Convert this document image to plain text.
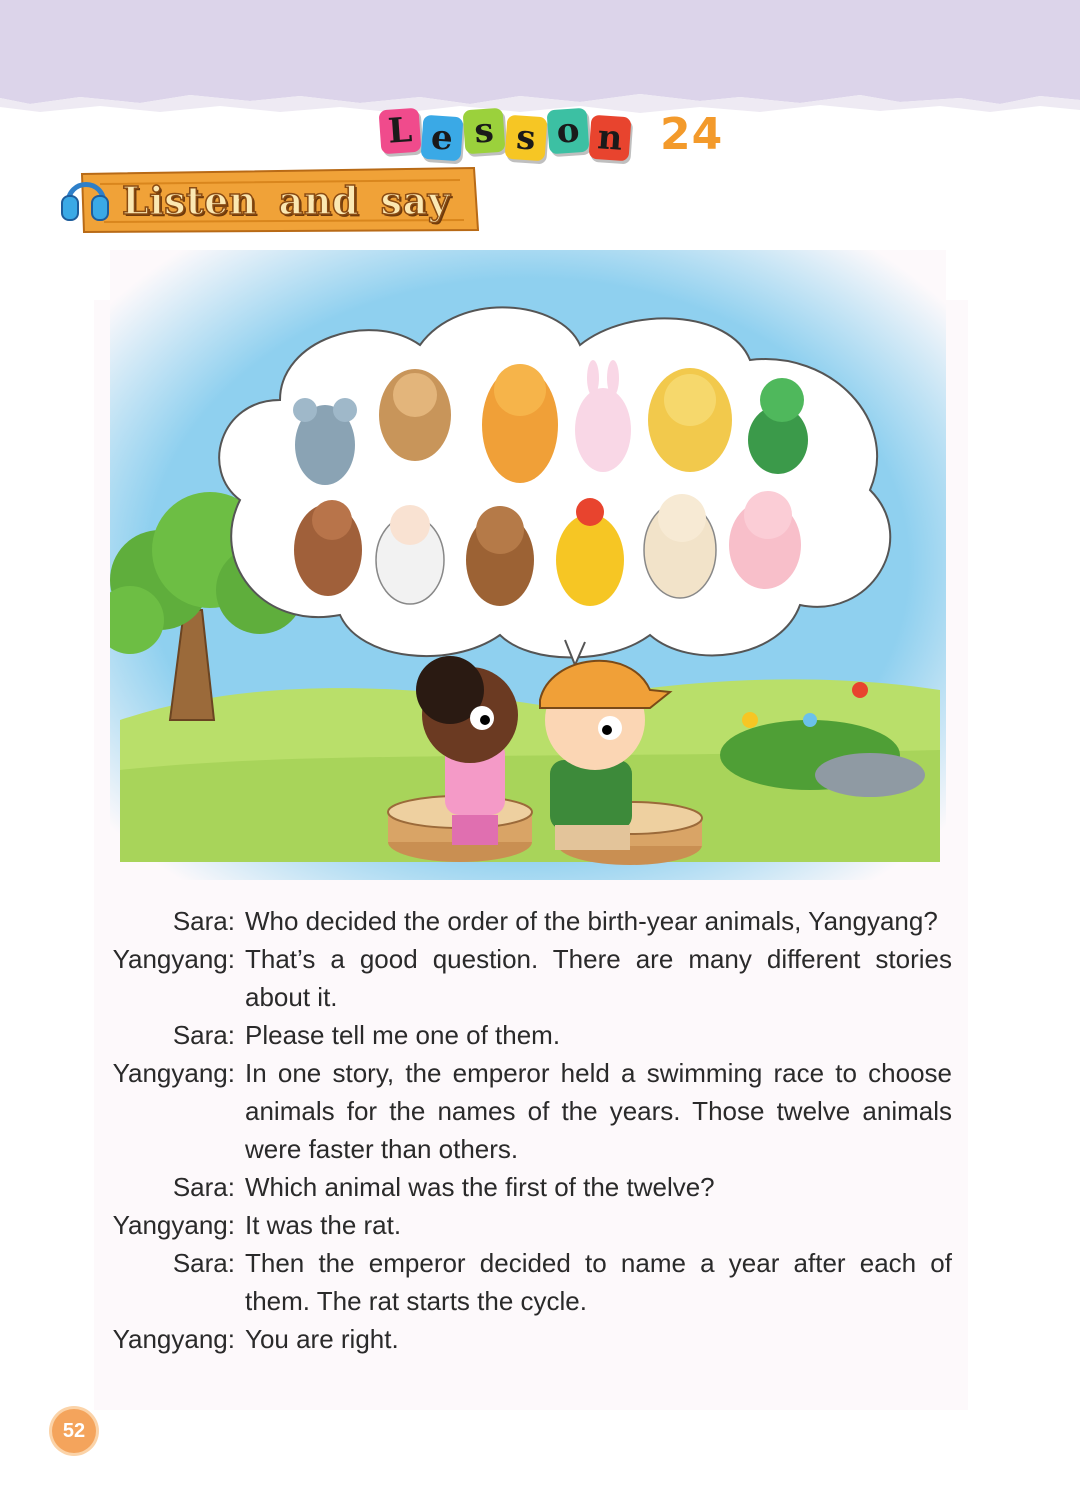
L e s s o n 24
Listen and say
Sara: Who decided the order of the birth-year animals, Yangyang?
Yangyang: That’s a good question. There are many different stories about it.
Sara: Please tell me one of them.
Yangyang: In one story, the emperor held a swimming race to choose animals for the names of the years. Those twelve animals were faster than others.
Sara: Which animal was the first of the twelve?
Yangyang: It was the rat.
Sara: Then the emperor decided to name a year after each of them. The rat starts the cycle.
Yangyang: You are right.
52
